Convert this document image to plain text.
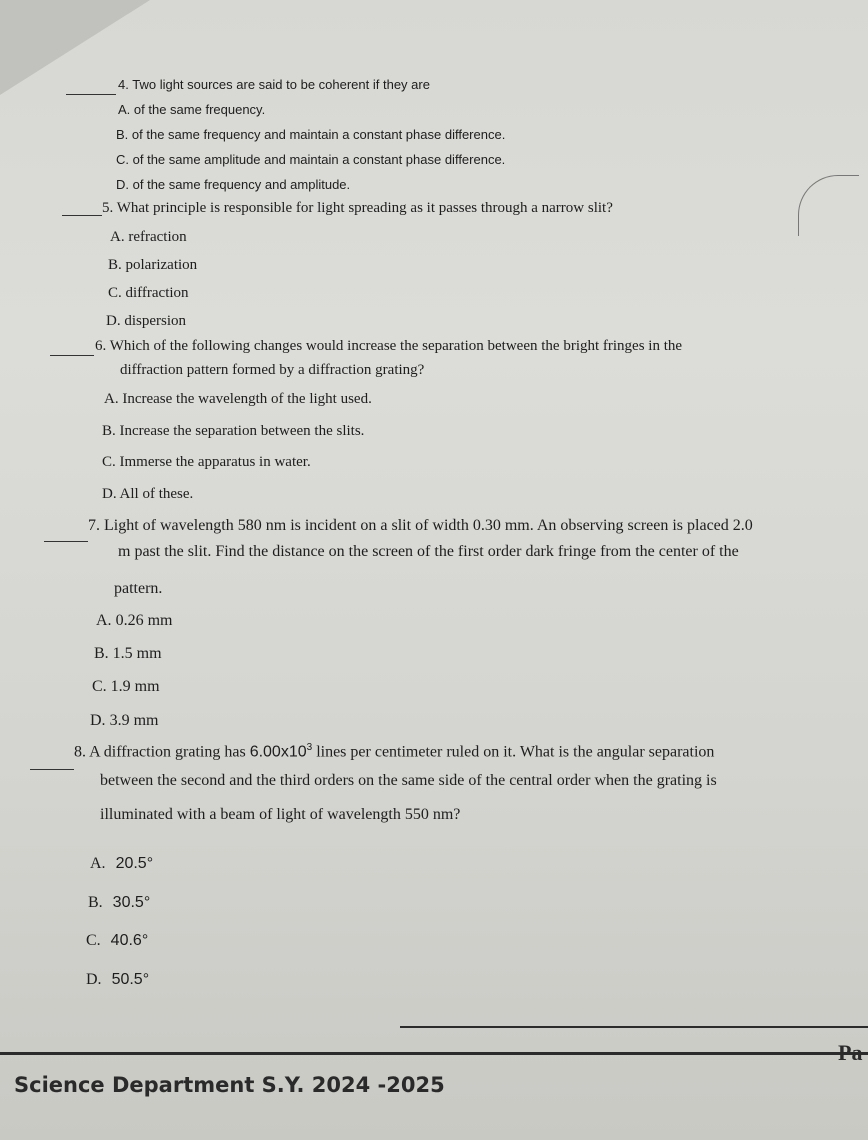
4. Two light sources are said to be coherent if they are
A. of the same frequency.
B. of the same frequency and maintain a constant phase difference.
C. of the same amplitude and maintain a constant phase difference.
D. of the same frequency and amplitude.
5. What principle is responsible for light spreading as it passes through a narrow slit?
A. refraction
B. polarization
C. diffraction
D. dispersion
6. Which of the following changes would increase the separation between the bright fringes in the
diffraction pattern formed by a diffraction grating?
A. Increase the wavelength of the light used.
B. Increase the separation between the slits.
C. Immerse the apparatus in water.
D. All of these.
7. Light of wavelength 580 nm is incident on a slit of width 0.30 mm. An observing screen is placed 2.0
m past the slit. Find the distance on the screen of the first order dark fringe from the center of the
pattern.
A. 0.26 mm
B. 1.5 mm
C. 1.9 mm
D. 3.9 mm
8. A diffraction grating has $6.00x10^3$ lines per centimeter ruled on it. What is the angular separation
between the second and the third orders on the same side of the central order when the grating is
illuminated with a beam of light of wavelength 550 nm?
A. 20.5°
B. 30.5°
C. 40.6°
D. 50.5°
Pa
Science Department S.Y. 2024 -2025
